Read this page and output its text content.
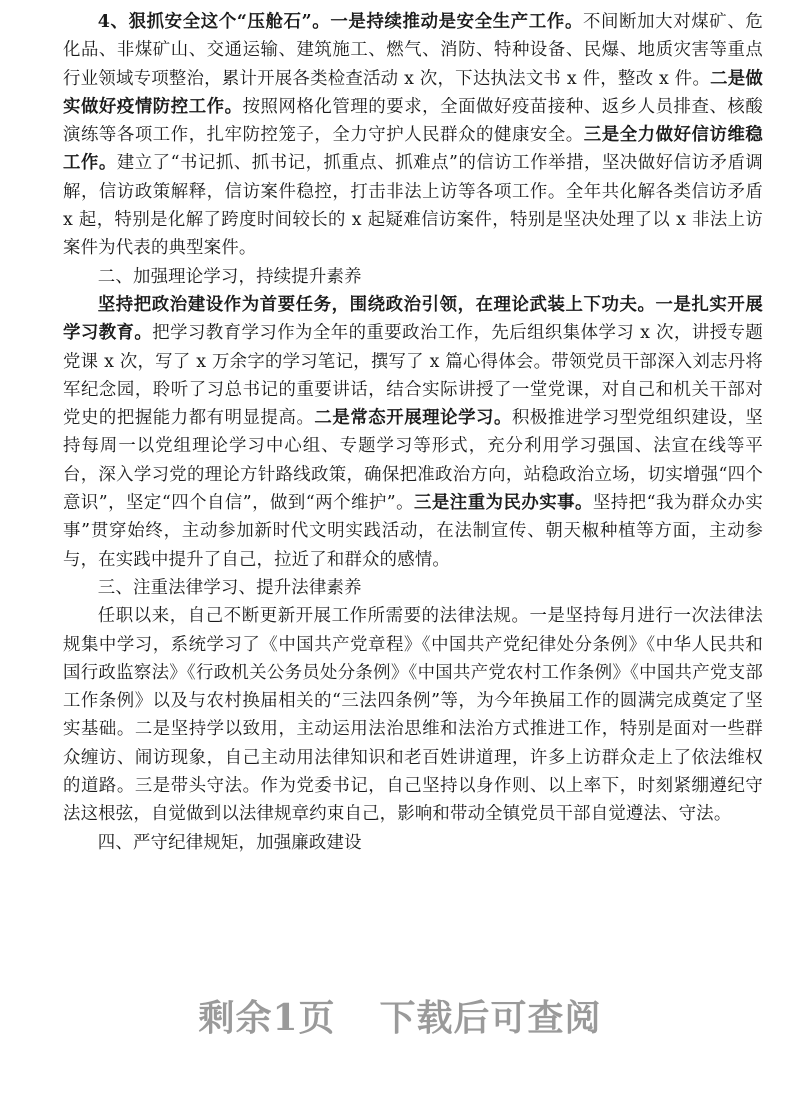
4、狠抓安全这个“压舱石”。一是持续推动是安全生产工作。不间断加大对煤矿、危化品、非煤矿山、交通运输、建筑施工、燃气、消防、特种设备、民爆、地质灾害等重点行业领域专项整治，累计开展各类检查活动 x 次，下达执法文书 x 件，整改 x 件。二是做实做好疫情防控工作。按照网格化管理的要求，全面做好疫苗接种、返乡人员排查、核酸演练等各项工作，扎牢防控笼子，全力守护人民群众的健康安全。三是全力做好信访维稳工作。建立了“书记抓、抓书记，抓重点、抓难点”的信访工作举措，坚决做好信访矛盾调解，信访政策解释，信访案件稳控，打击非法上访等各项工作。全年共化解各类信访矛盾 x 起，特别是化解了跨度时间较长的 x 起疑难信访案件，特别是坚决处理了以 x 非法上访案件为代表的典型案件。

二、加强理论学习，持续提升素养

坚持把政治建设作为首要任务，围绕政治引领，在理论武装上下功夫。一是扎实开展学习教育。把学习教育学习作为全年的重要政治工作，先后组织集体学习 x 次，讲授专题党课 x 次，写了 x 万余字的学习笔记，撰写了 x 篇心得体会。带领党员干部深入刘志丹将军纪念园，聆听了习总书记的重要讲话，结合实际讲授了一堂党课，对自己和机关干部对党史的把握能力都有明显提高。二是常态开展理论学习。积极推进学习型党组织建设，坚持每周一以党组理论学习中心组、专题学习等形式，充分利用学习强国、法宣在线等平台，深入学习党的理论方针路线政策，确保把准政治方向，站稳政治立场，切实增强“四个意识”，坚定“四个自信”，做到“两个维护”。三是注重为民办实事。坚持把“我为群众办实事”贯穿始终，主动参加新时代文明实践活动，在法制宣传、朝天椒种植等方面，主动参与，在实践中提升了自己，拉近了和群众的感情。

三、注重法律学习、提升法律素养

任职以来，自己不断更新开展工作所需要的法律法规。一是坚持每月进行一次法律法规集中学习，系统学习了《中国共产党章程》《中国共产党纪律处分条例》《中华人民共和国行政监察法》《行政机关公务员处分条例》《中国共产党农村工作条例》《中国共产党支部工作条例》以及与农村换届相关的“三法四条例”等，为今年换届工作的圆满完成奠定了坚实基础。二是坚持学以致用，主动运用法治思维和法治方式推进工作，特别是面对一些群众缠访、闹访现象，自己主动用法律知识和老百姓讲道理，许多上访群众走上了依法维权的道路。三是带头守法。作为党委书记，自己坚持以身作则、以上率下，时刻紧绷遵纪守法这根弦，自觉做到以法律规章约束自己，影响和带动全镇党员干部自觉遵法、守法。

四、严守纪律规矩，加强廉政建设

剩余1页 下载后可查阅
